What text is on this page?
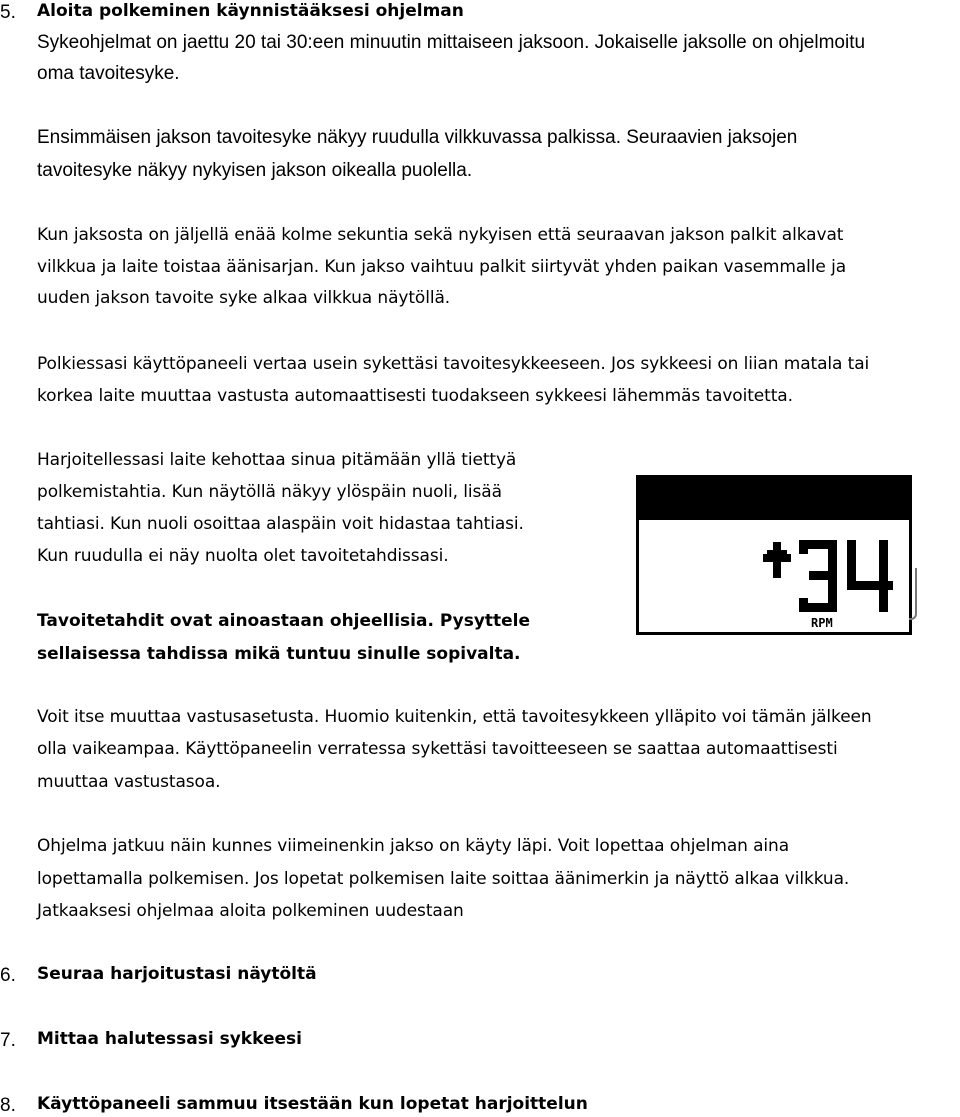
5. Aloita polkeminen käynnistääksesi ohjelman
Sykeohjelmat on jaettu 20 tai 30:een minuutin mittaiseen jaksoon. Jokaiselle jaksolle on ohjelmoitu
oma tavoitesyke.
Ensimmäisen jakson tavoitesyke näkyy ruudulla vilkkuvassa palkissa. Seuraavien jaksojen
tavoitesyke näkyy nykyisen jakson oikealla puolella.
Kun jaksosta on jäljellä enää kolme sekuntia sekä nykyisen että seuraavan jakson palkit alkavat
vilkkua ja laite toistaa äänisarjan. Kun jakso vaihtuu palkit siirtyvät yhden paikan vasemmalle ja
uuden jakson tavoite syke alkaa vilkkua näytöllä.
Polkiessasi käyttöpaneeli vertaa usein sykettäsi tavoitesykkeeseen. Jos sykkeesi on liian matala tai
korkea laite muuttaa vastusta automaattisesti tuodakseen sykkeesi lähemmäs tavoitetta.
Harjoitellessasi laite kehottaa sinua pitämään yllä tiettyä
polkemistahtia. Kun näytöllä näkyy ylöspäin nuoli, lisää
tahtiasi. Kun nuoli osoittaa alaspäin voit hidastaa tahtiasi.
Kun ruudulla ei näy nuolta olet tavoitetahdissasi.
Tavoitetahdit ovat ainoastaan ohjeellisia. Pysyttele
sellaisessa tahdissa mikä tuntuu sinulle sopivalta.
RPM
Voit itse muuttaa vastusasetusta. Huomio kuitenkin, että tavoitesykkeen ylläpito voi tämän jälkeen
olla vaikeampaa. Käyttöpaneelin verratessa sykettäsi tavoitteeseen se saattaa automaattisesti
muuttaa vastustasoa.
Ohjelma jatkuu näin kunnes viimeinenkin jakso on käyty läpi. Voit lopettaa ohjelman aina
lopettamalla polkemisen. Jos lopetat polkemisen laite soittaa äänimerkin ja näyttö alkaa vilkkua.
Jatkaaksesi ohjelmaa aloita polkeminen uudestaan
6. Seuraa harjoitustasi näytöltä
7. Mittaa halutessasi sykkeesi
8. Käyttöpaneeli sammuu itsestään kun lopetat harjoittelun
